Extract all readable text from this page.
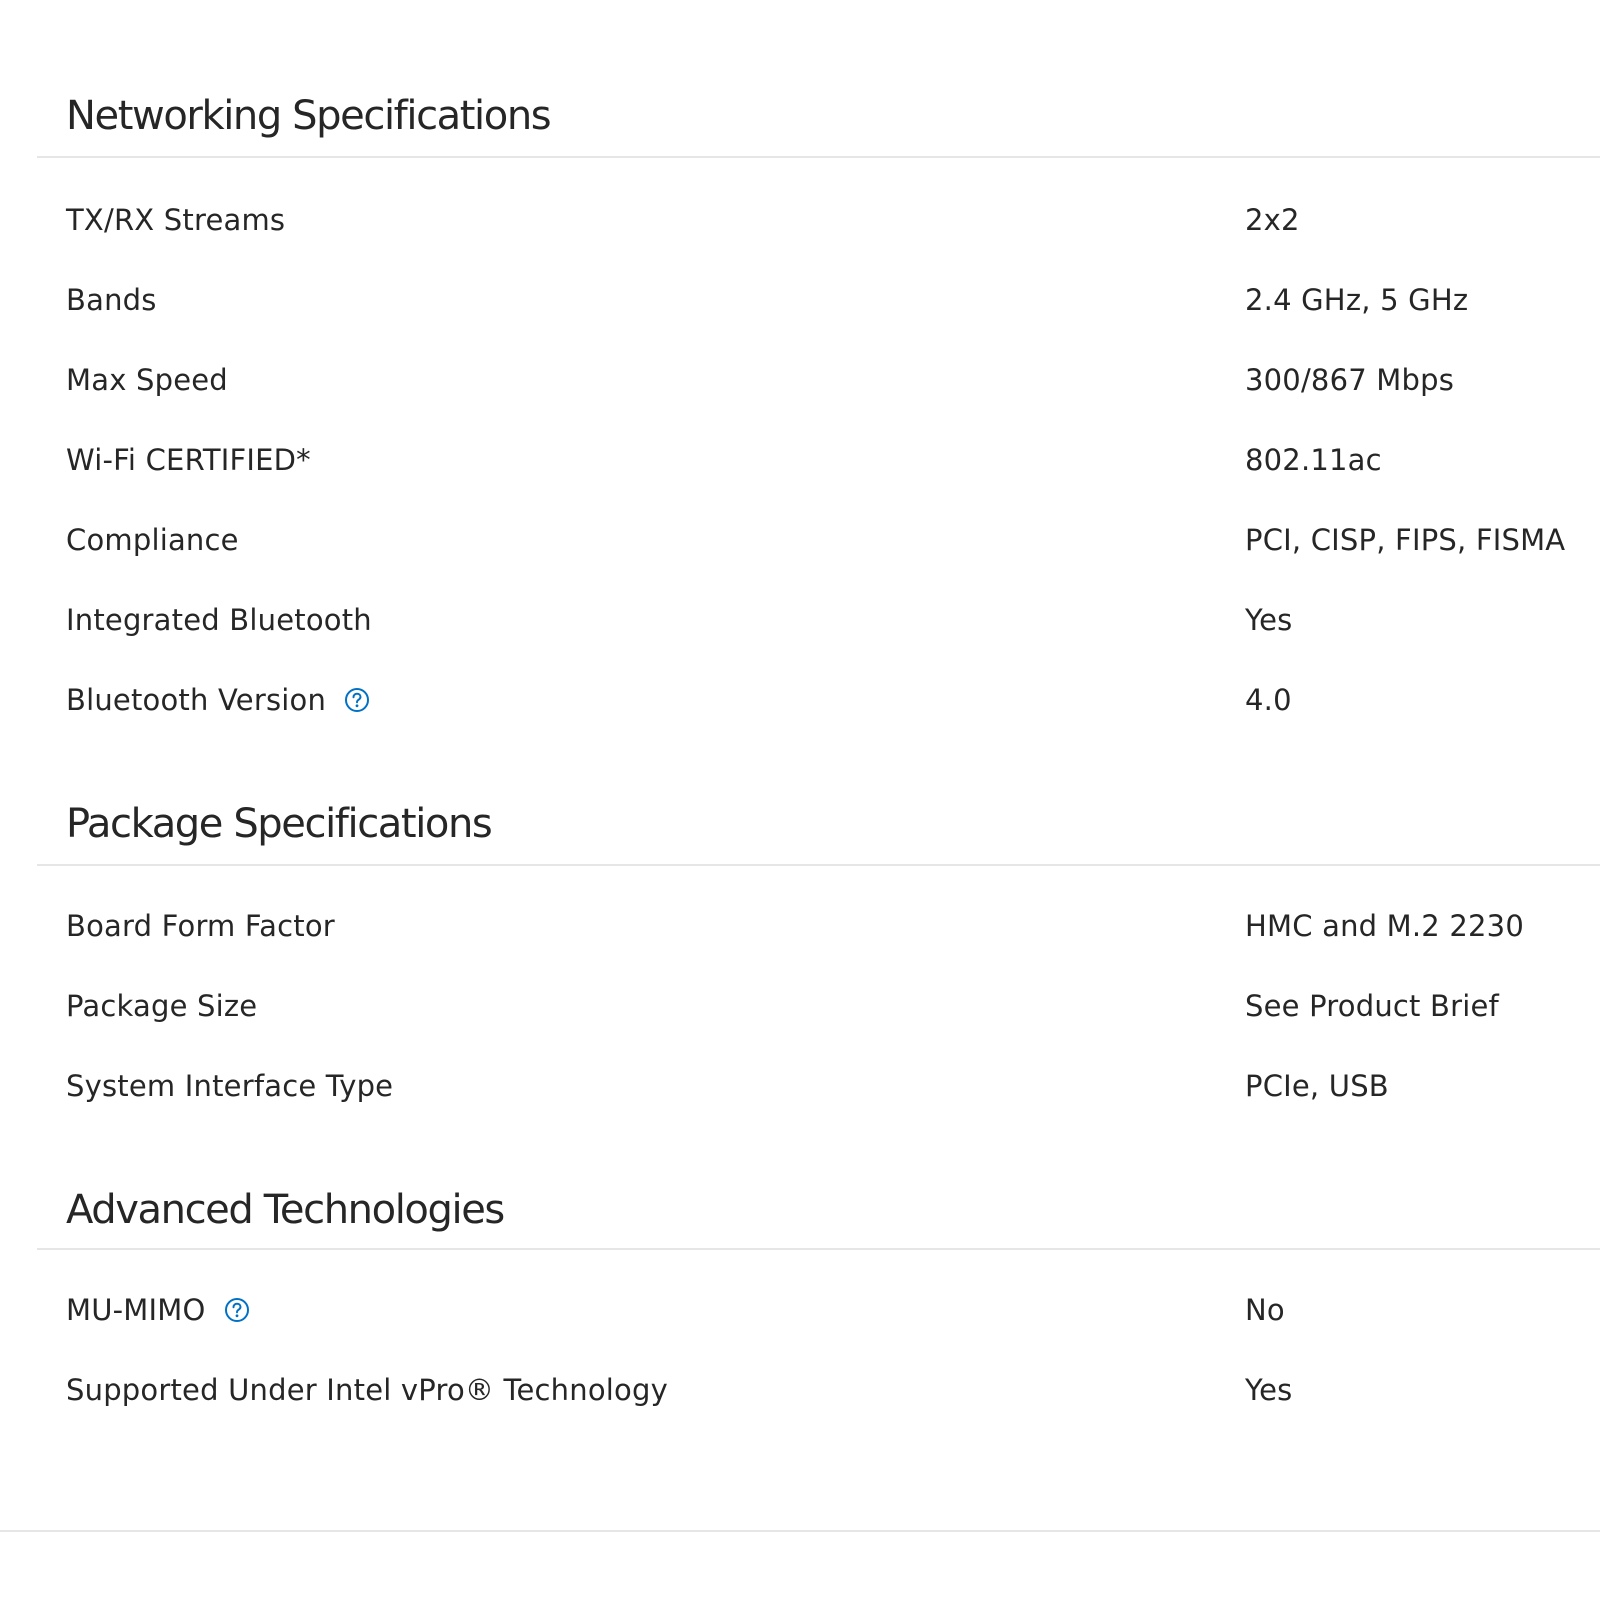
Networking Specifications
TX/RX Streams	2x2
Bands	2.4 GHz, 5 GHz
Max Speed	300/867 Mbps
Wi-Fi CERTIFIED*	802.11ac
Compliance	PCI, CISP, FIPS, FISMA
Integrated Bluetooth	Yes
Bluetooth Version	4.0
Package Specifications
Board Form Factor	HMC and M.2 2230
Package Size	See Product Brief
System Interface Type	PCIe, USB
Advanced Technologies
MU-MIMO	No
Supported Under Intel vPro® Technology	Yes
